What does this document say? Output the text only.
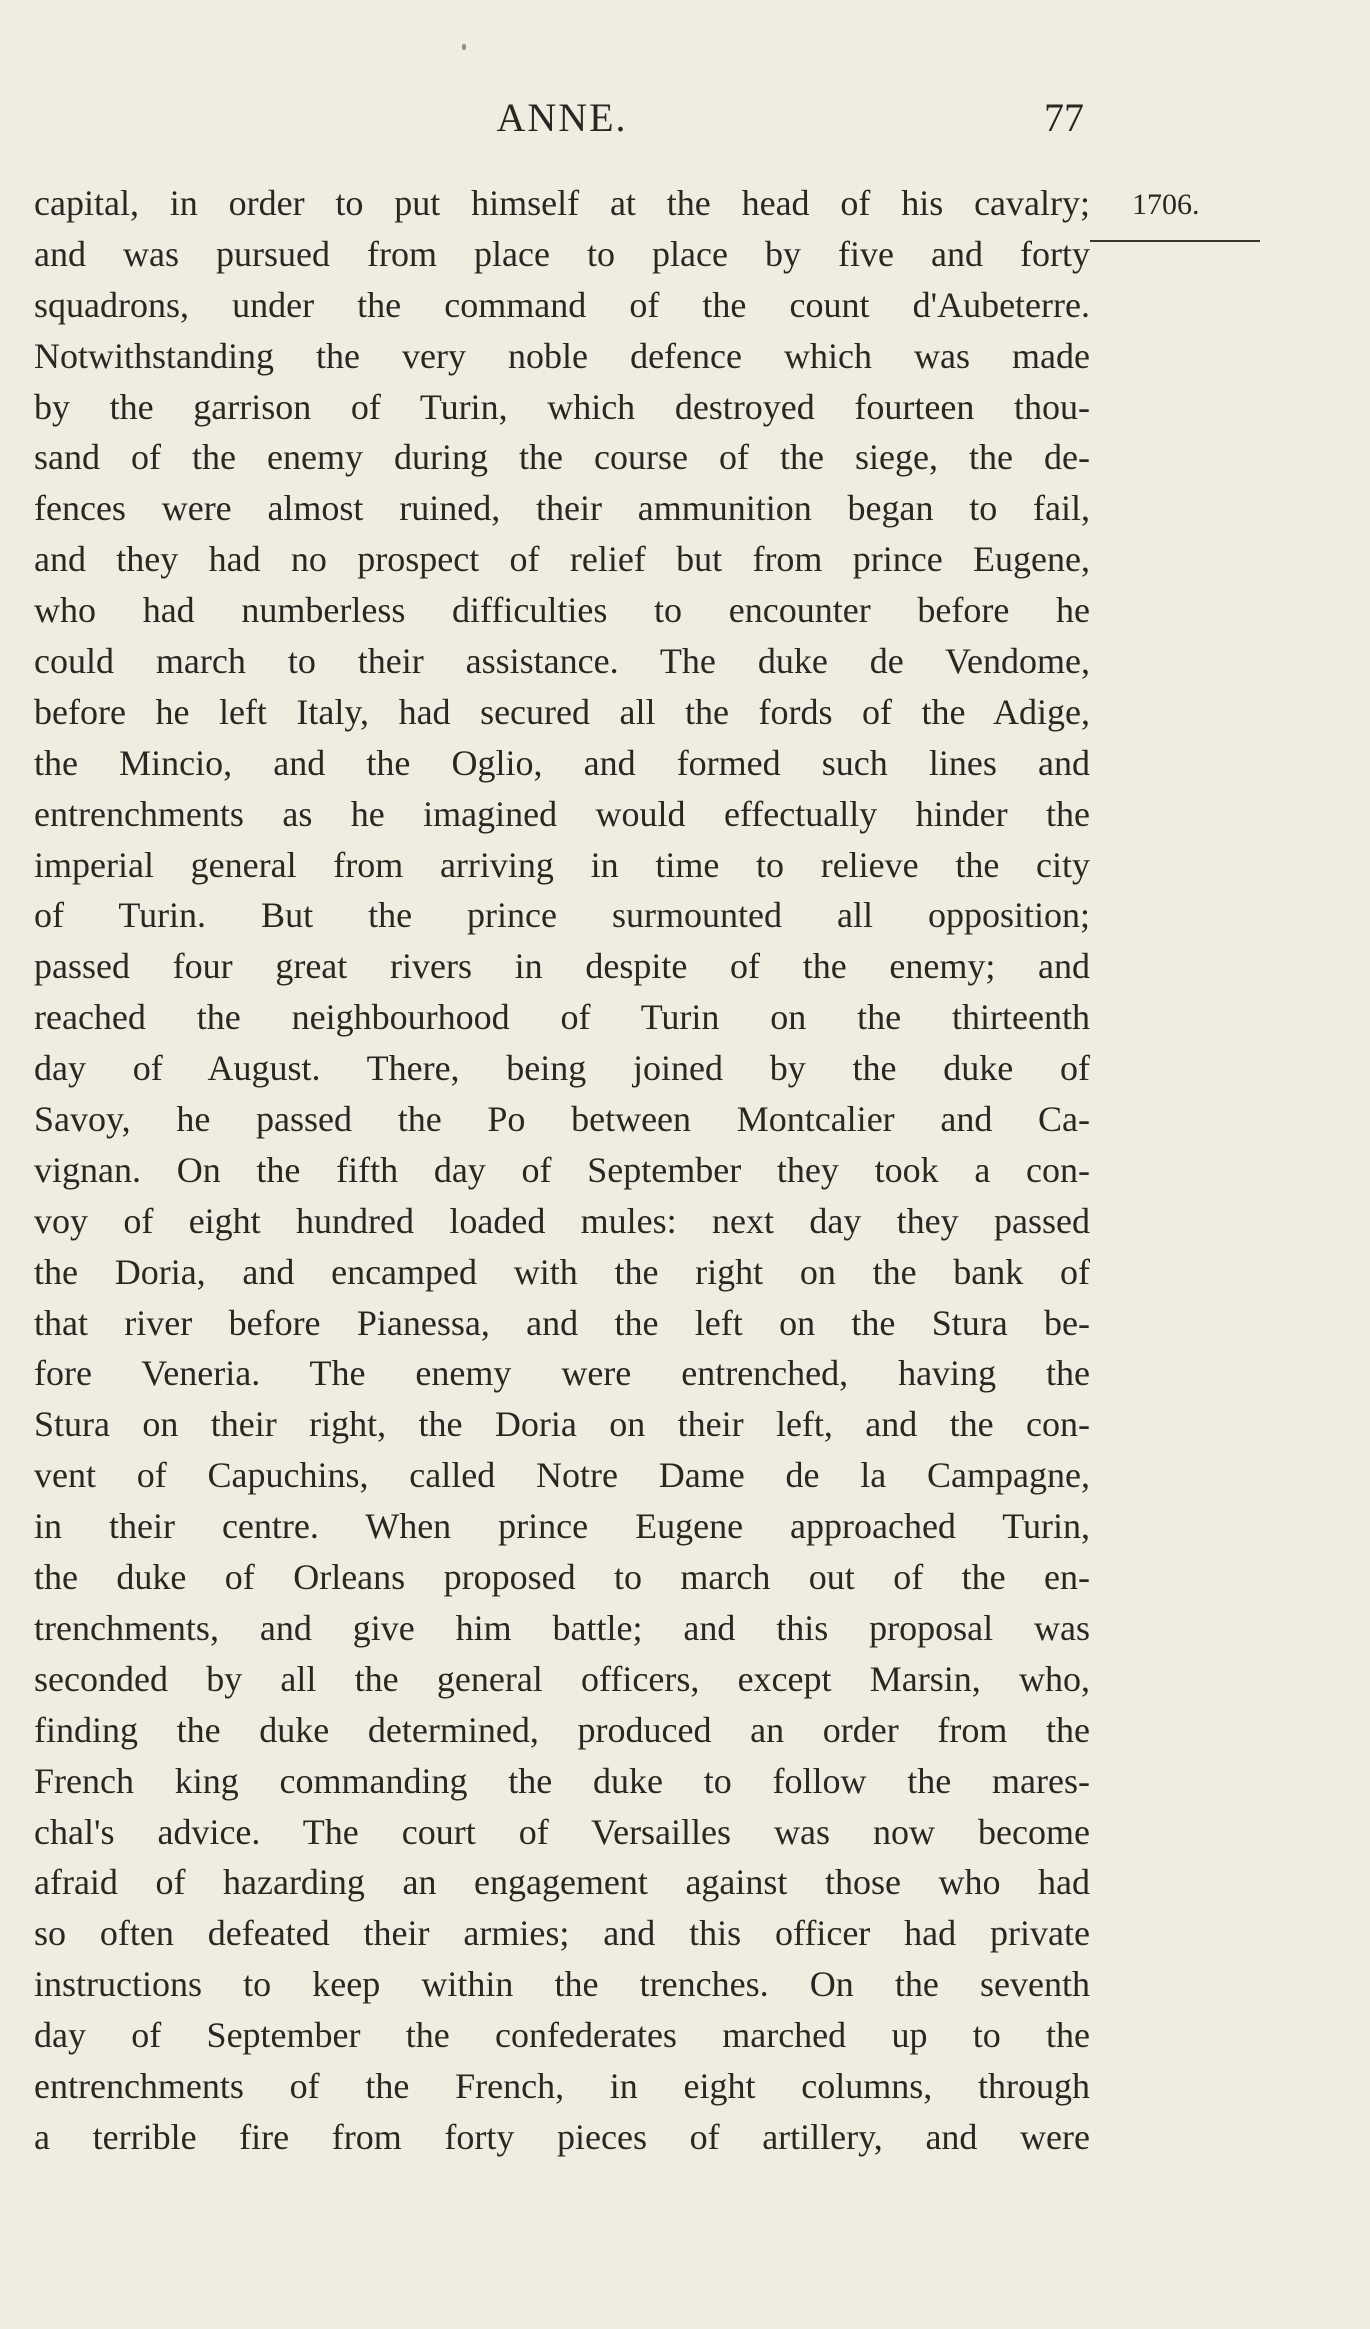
ANNE.	77
1706.
capital, in order to put himself at the head of his cavalry;
and was pursued from place to place by five and forty
squadrons, under the command of the count d'Aubeterre.
Notwithstanding the very noble defence which was made
by the garrison of Turin, which destroyed fourteen thou-
sand of the enemy during the course of the siege, the de-
fences were almost ruined, their ammunition began to fail,
and they had no prospect of relief but from prince Eugene,
who had numberless difficulties to encounter before he
could march to their assistance. The duke de Vendome,
before he left Italy, had secured all the fords of the Adige,
the Mincio, and the Oglio, and formed such lines and
entrenchments as he imagined would effectually hinder the
imperial general from arriving in time to relieve the city
of Turin. But the prince surmounted all opposition;
passed four great rivers in despite of the enemy; and
reached the neighbourhood of Turin on the thirteenth
day of August. There, being joined by the duke of
Savoy, he passed the Po between Montcalier and Ca-
vignan. On the fifth day of September they took a con-
voy of eight hundred loaded mules: next day they passed
the Doria, and encamped with the right on the bank of
that river before Pianessa, and the left on the Stura be-
fore Veneria. The enemy were entrenched, having the
Stura on their right, the Doria on their left, and the con-
vent of Capuchins, called Notre Dame de la Campagne,
in their centre. When prince Eugene approached Turin,
the duke of Orleans proposed to march out of the en-
trenchments, and give him battle; and this proposal was
seconded by all the general officers, except Marsin, who,
finding the duke determined, produced an order from the
French king commanding the duke to follow the mares-
chal's advice. The court of Versailles was now become
afraid of hazarding an engagement against those who had
so often defeated their armies; and this officer had private
instructions to keep within the trenches. On the seventh
day of September the confederates marched up to the
entrenchments of the French, in eight columns, through
a terrible fire from forty pieces of artillery, and were
